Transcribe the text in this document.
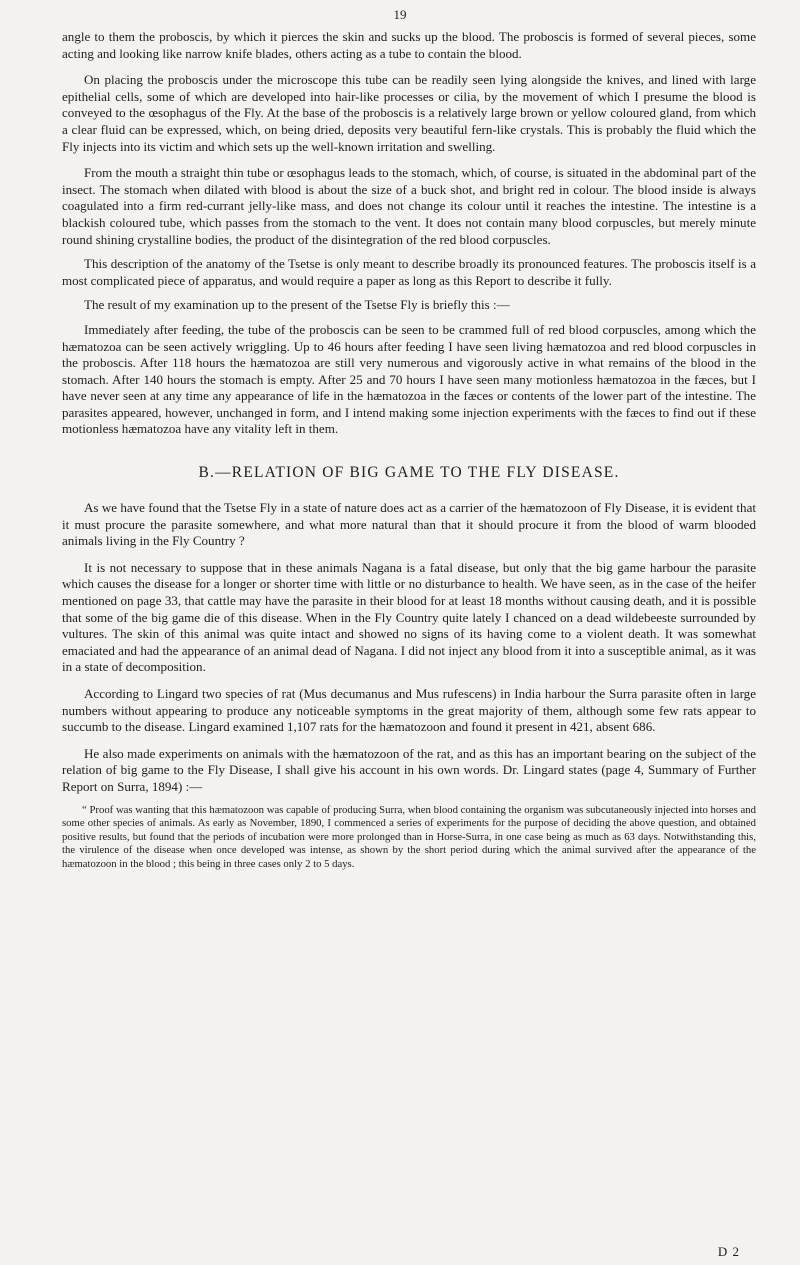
19

angle to them the proboscis, by which it pierces the skin and sucks up the blood. The proboscis is formed of several pieces, some acting and looking like narrow knife blades, others acting as a tube to contain the blood.

On placing the proboscis under the microscope this tube can be readily seen lying alongside the knives, and lined with large epithelial cells, some of which are developed into hair-like processes or cilia, by the movement of which I presume the blood is conveyed to the œsophagus of the Fly. At the base of the proboscis is a relatively large brown or yellow coloured gland, from which a clear fluid can be expressed, which, on being dried, deposits very beautiful fern-like crystals. This is probably the fluid which the Fly injects into its victim and which sets up the well-known irritation and swelling.

From the mouth a straight thin tube or œsophagus leads to the stomach, which, of course, is situated in the abdominal part of the insect. The stomach when dilated with blood is about the size of a buck shot, and bright red in colour. The blood inside is always coagulated into a firm red-currant jelly-like mass, and does not change its colour until it reaches the intestine. The intestine is a blackish coloured tube, which passes from the stomach to the vent. It does not contain many blood corpuscles, but merely minute round shining crystalline bodies, the product of the disintegration of the red blood corpuscles.

This description of the anatomy of the Tsetse is only meant to describe broadly its pronounced features. The proboscis itself is a most complicated piece of apparatus, and would require a paper as long as this Report to describe it fully.

The result of my examination up to the present of the Tsetse Fly is briefly this :—

Immediately after feeding, the tube of the proboscis can be seen to be crammed full of red blood corpuscles, among which the hæmatozoa can be seen actively wriggling. Up to 46 hours after feeding I have seen living hæmatozoa and red blood corpuscles in the proboscis. After 118 hours the hæmatozoa are still very numerous and vigorously active in what remains of the blood in the stomach. After 140 hours the stomach is empty. After 25 and 70 hours I have seen many motionless hæmatozoa in the fæces, but I have never seen at any time any appearance of life in the hæmatozoa in the fæces or contents of the lower part of the intestine. The parasites appeared, however, unchanged in form, and I intend making some injection experiments with the fæces to find out if these motionless hæmatozoa have any vitality left in them.

B.—RELATION OF BIG GAME TO THE FLY DISEASE.

As we have found that the Tsetse Fly in a state of nature does act as a carrier of the hæmatozoon of Fly Disease, it is evident that it must procure the parasite somewhere, and what more natural than that it should procure it from the blood of warm blooded animals living in the Fly Country ?

It is not necessary to suppose that in these animals Nagana is a fatal disease, but only that the big game harbour the parasite which causes the disease for a longer or shorter time with little or no disturbance to health. We have seen, as in the case of the heifer mentioned on page 33, that cattle may have the parasite in their blood for at least 18 months without causing death, and it is possible that some of the big game die of this disease. When in the Fly Country quite lately I chanced on a dead wildebeeste surrounded by vultures. The skin of this animal was quite intact and showed no signs of its having come to a violent death. It was somewhat emaciated and had the appearance of an animal dead of Nagana. I did not inject any blood from it into a susceptible animal, as it was in a state of decomposition.

According to Lingard two species of rat (Mus decumanus and Mus rufescens) in India harbour the Surra parasite often in large numbers without appearing to produce any noticeable symptoms in the great majority of them, although some few rats appear to succumb to the disease. Lingard examined 1,107 rats for the hæmatozoon and found it present in 421, absent 686.

He also made experiments on animals with the hæmatozoon of the rat, and as this has an important bearing on the subject of the relation of big game to the Fly Disease, I shall give his account in his own words. Dr. Lingard states (page 4, Summary of Further Report on Surra, 1894) :—

“ Proof was wanting that this hæmatozoon was capable of producing Surra, when blood containing the organism was subcutaneously injected into horses and some other species of animals. As early as November, 1890, I commenced a series of experiments for the purpose of deciding the above question, and obtained positive results, but found that the periods of incubation were more prolonged than in Horse-Surra, in one case being as much as 63 days. Notwithstanding this, the virulence of the disease when once developed was intense, as shown by the short period during which the animal survived after the appearance of the hæmatozoon in the blood ; this being in three cases only 2 to 5 days.

D 2
